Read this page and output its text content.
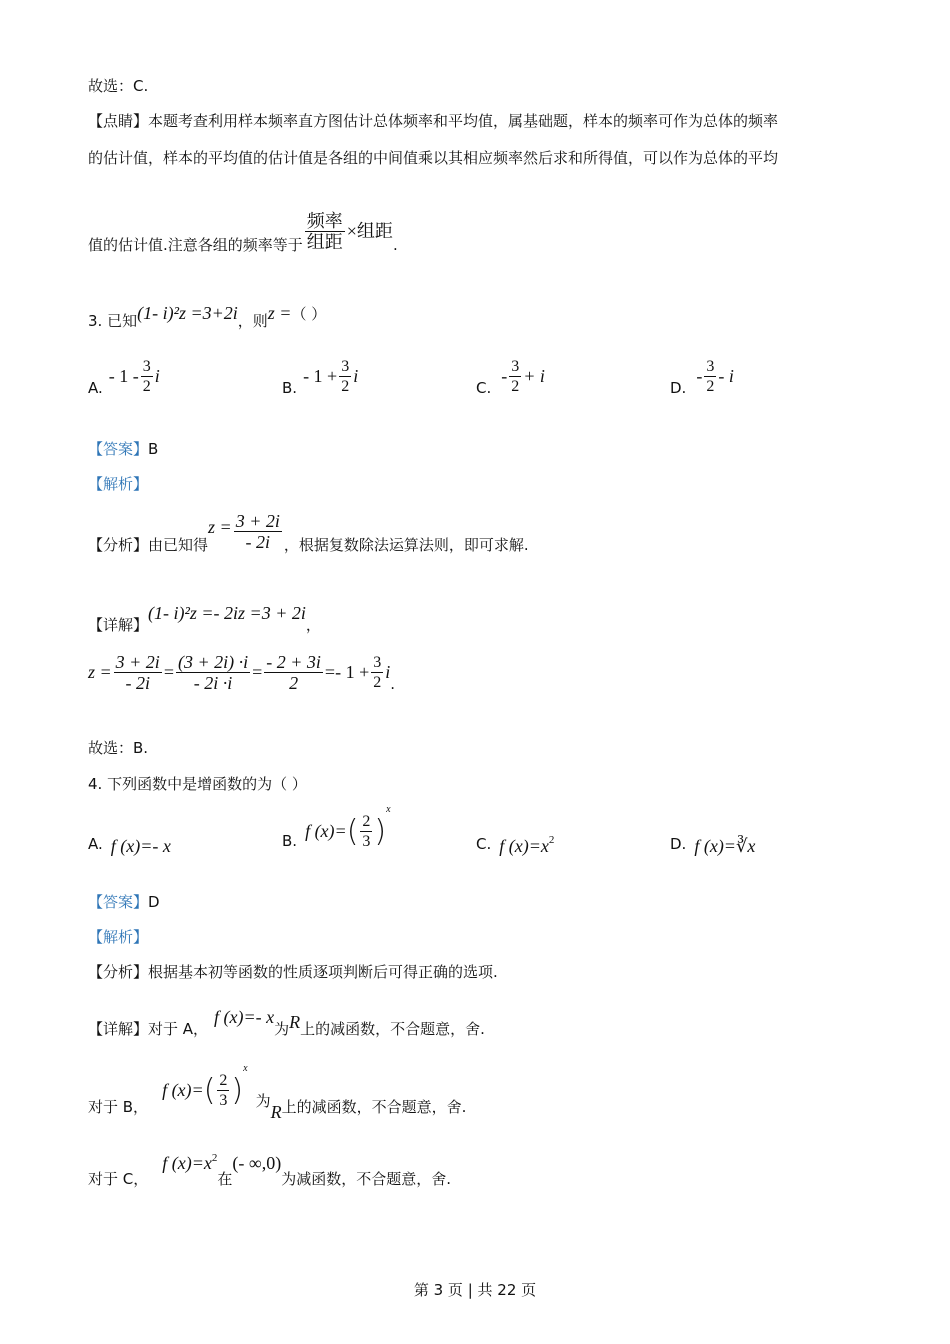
故选：C.
【点睛】 本题考查利用样本频率直方图估计总体频率和平均值，属基础题，样本的频率可作为总体的频率
的估计值，样本的平均值的估计值是各组的中间值乘以其相应频率然后求和所得值，可以作为总体的平均
值的估计值.注意各组的频率等于 $\frac{\text{频率}}{\text{组距}}$ ×组距
.
3. 已知 (1- i)²z =3+2i ，则 z = （ ）
A.
- $1 - \frac{3}{2}$ i
B.
- $1 + \frac{3}{2}$ i
C.
- $\frac{3}{2} + i$
D.
- $\frac{3}{2}$ - i
【答案】 B
【解析】
【分析】 由已知得
$z = \frac{3 + 2i}{- 2i}$ ，根据复数除法运算法则，即可求解.
【详解】
(1- i)²z =- 2iz =3 + 2i
，
$z = \frac{3 + 2i}{- 2i} = \frac{(3 + 2i) \cdot i}{- 2i \cdot i} = \frac{- 2 + 3i}{2} =- 1 + \frac{3}{2}$ i
.
故选：B.
4. 下列函数中是增函数的为（ ）
A. f (x)=- x	B. f (x)= ( $\frac{2}{3}$ )
x
C. f (x)=x 2	D. f (x)=∛x
【答案】 D
【解析】
【分析】 根据基本初等函数的性质逐项判断后可得正确的选项.
【详解】 对于 A，
f (x)=- x
为 R 上的减函数，不合题意，舍.
对于 B，
f (x)= ( $\frac{2}{3}$ )
x
为
R 上的减函数，不合题意，舍.
对于 C，
f (x)=x 2
在
(- ∞,0)
为减函数，不合题意，舍.
第 3 页 | 共 22 页
